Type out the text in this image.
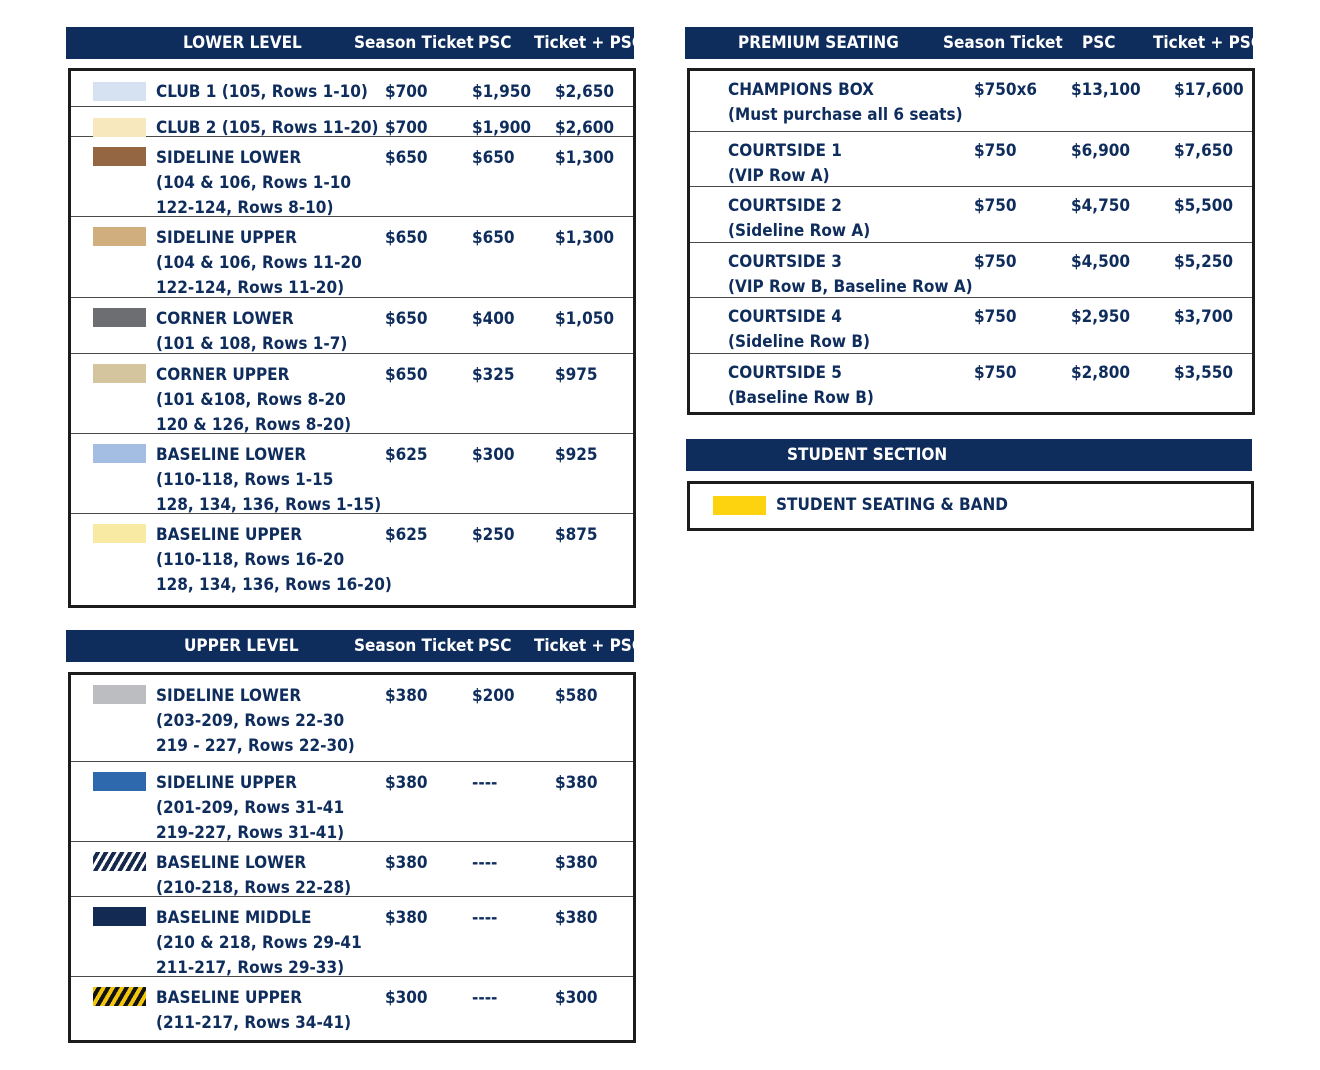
LOWER LEVEL	Season Ticket PSC Ticket + PSC
CLUB 1 (105, Rows 1-10) $700	$1,950 $2,650
CLUB 2 (105, Rows 11-20) $700	$1,900 $2,600
SIDELINE LOWER
(104 & 106, Rows 1-10
122-124, Rows 8-10)
$650	$650 $1,300
SIDELINE UPPER
(104 & 106, Rows 11-20
122-124, Rows 11-20)
$650	$650 $1,300
CORNER LOWER
(101 & 108, Rows 1-7)
$650	$400 $1,050
CORNER UPPER
(101 &108, Rows 8-20
120 & 126, Rows 8-20)
$650	$325 $975
BASELINE LOWER
(110-118, Rows 1-15
128, 134, 136, Rows 1-15)
$625	$300 $925
BASELINE UPPER
(110-118, Rows 16-20
128, 134, 136, Rows 16-20)
$625	$250 $875
UPPER LEVEL	Season Ticket PSC Ticket + PSC
SIDELINE LOWER
(203-209, Rows 22-30
219 - 227, Rows 22-30)
$380	$200 $580
SIDELINE UPPER
(201-209, Rows 31-41
219-227, Rows 31-41)
$380	----	$380
BASELINE LOWER
(210-218, Rows 22-28)
$380	----	$380
BASELINE MIDDLE
(210 & 218, Rows 29-41
211-217, Rows 29-33)
$380	----	$380
BASELINE UPPER
(211-217, Rows 34-41)
$300	----	$300
PREMIUM SEATING	Season Ticket PSC Ticket + PSC
CHAMPIONS BOX
(Must purchase all 6 seats)
$750x6 $13,100 $17,600
COURTSIDE 1
(VIP Row A)
$750	$6,900	$7,650
COURTSIDE 2
(Sideline Row A)
$750	$4,750	$5,500
COURTSIDE 3
(VIP Row B, Baseline Row A)
$750	$4,500	$5,250
COURTSIDE 4
(Sideline Row B)
$750	$2,950	$3,700
COURTSIDE 5
(Baseline Row B)
$750	$2,800	$3,550
STUDENT SECTION
STUDENT SEATING & BAND
